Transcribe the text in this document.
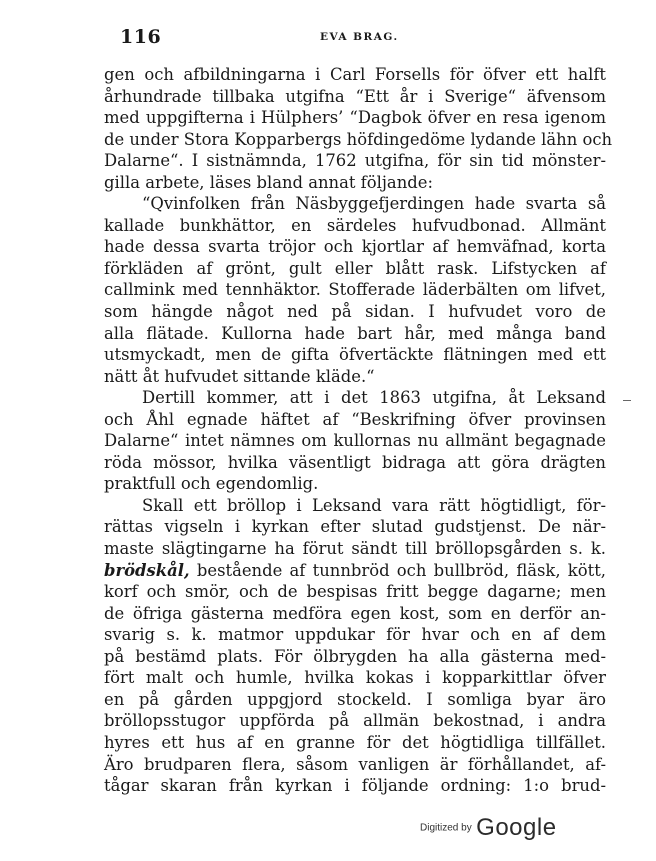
116	EVA BRAG.
gen och afbildningarna i Carl Forsells för öfver ett halft
århundrade tillbaka utgifna “Ett år i Sverige“ äfvensom
med uppgifterna i Hülphers’ “Dagbok öfver en resa igenom
de under Stora Kopparbergs höfdingedöme lydande lähn och
Dalarne“. I sistnämnda, 1762 utgifna, för sin tid mönster-
gilla arbete, läses bland annat följande:
“Qvinfolken från Näsbyggefjerdingen hade svarta så
kallade bunkhättor, en särdeles hufvudbonad. Allmänt
hade dessa svarta tröjor och kjortlar af hemväfnad, korta
förkläden af grönt, gult eller blått rask. Lifstycken af
callmink med tennhäktor. Stofferade läderbälten om lifvet,
som hängde något ned på sidan. I hufvudet voro de
alla flätade. Kullorna hade bart hår, med många band
utsmyckadt, men de gifta öfvertäckte flätningen med ett
nätt åt hufvudet sittande kläde.“
Dertill kommer, att i det 1863 utgifna, åt Leksand
och Åhl egnade häftet af “Beskrifning öfver provinsen
Dalarne“ intet nämnes om kullornas nu allmänt begagnade
röda mössor, hvilka väsentligt bidraga att göra drägten
praktfull och egendomlig.
Skall ett bröllop i Leksand vara rätt högtidligt, för-
rättas vigseln i kyrkan efter slutad gudstjenst. De när-
maste slägtingarne ha förut sändt till bröllopsgården s. k.
brödskål, bestående af tunnbröd och bullbröd, fläsk, kött,
korf och smör, och de bespisas fritt begge dagarne; men
de öfriga gästerna medföra egen kost, som en derför an-
svarig s. k. matmor uppdukar för hvar och en af dem
på bestämd plats. För ölbrygden ha alla gästerna med-
fört malt och humle, hvilka kokas i kopparkittlar öfver
en på gården uppgjord stockeld. I somliga byar äro
bröllopsstugor uppförda på allmän bekostnad, i andra
hyres ett hus af en granne för det högtidliga tillfället.
Äro brudparen flera, såsom vanligen är förhållandet, af-
tågar skaran från kyrkan i följande ordning: 1:o brud-
Digitized by Google
